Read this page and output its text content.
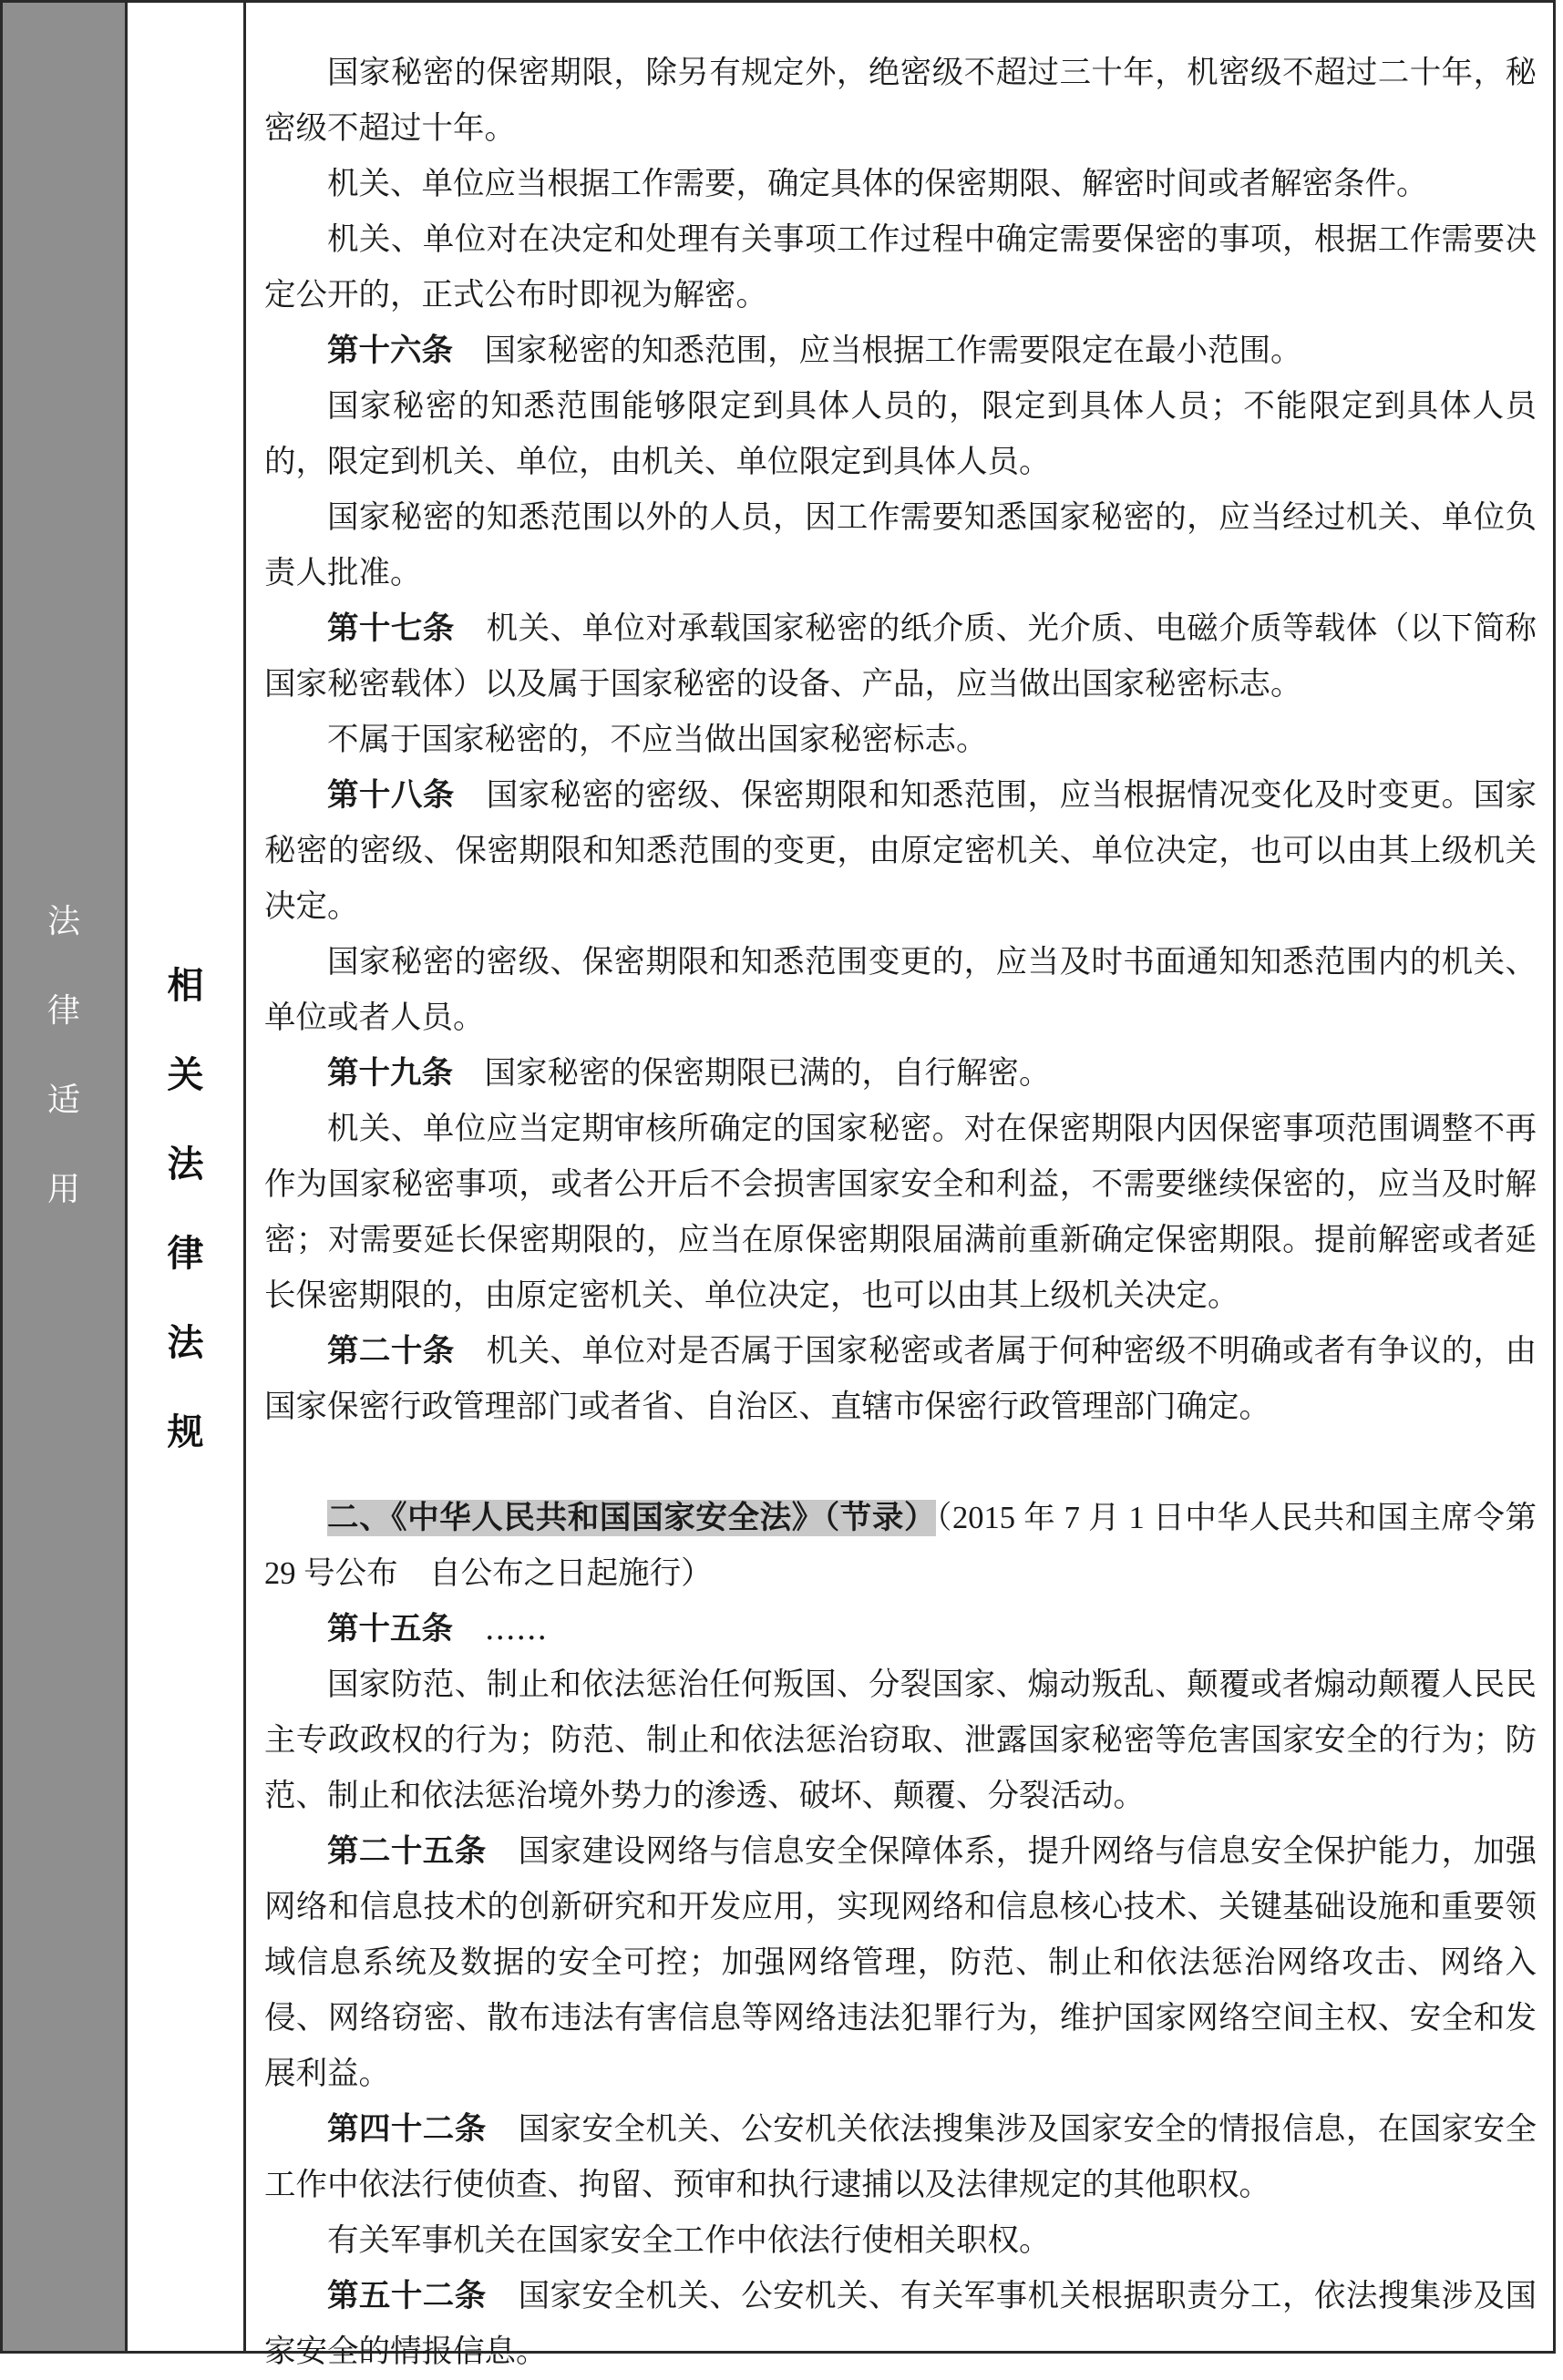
法
律
适
用
相
关
法
律
法
规

国家秘密的保密期限，除另有规定外，绝密级不超过三十年，机密级不超过二十年，秘密级不超过十年。

机关、单位应当根据工作需要，确定具体的保密期限、解密时间或者解密条件。

机关、单位对在决定和处理有关事项工作过程中确定需要保密的事项，根据工作需要决定公开的，正式公布时即视为解密。

第十六条　国家秘密的知悉范围，应当根据工作需要限定在最小范围。

国家秘密的知悉范围能够限定到具体人员的，限定到具体人员；不能限定到具体人员的，限定到机关、单位，由机关、单位限定到具体人员。

国家秘密的知悉范围以外的人员，因工作需要知悉国家秘密的，应当经过机关、单位负责人批准。

第十七条　机关、单位对承载国家秘密的纸介质、光介质、电磁介质等载体（以下简称国家秘密载体）以及属于国家秘密的设备、产品，应当做出国家秘密标志。

不属于国家秘密的，不应当做出国家秘密标志。

第十八条　国家秘密的密级、保密期限和知悉范围，应当根据情况变化及时变更。国家秘密的密级、保密期限和知悉范围的变更，由原定密机关、单位决定，也可以由其上级机关决定。

国家秘密的密级、保密期限和知悉范围变更的，应当及时书面通知知悉范围内的机关、单位或者人员。

第十九条　国家秘密的保密期限已满的，自行解密。

机关、单位应当定期审核所确定的国家秘密。对在保密期限内因保密事项范围调整不再作为国家秘密事项，或者公开后不会损害国家安全和利益，不需要继续保密的，应当及时解密；对需要延长保密期限的，应当在原保密期限届满前重新确定保密期限。提前解密或者延长保密期限的，由原定密机关、单位决定，也可以由其上级机关决定。

第二十条　机关、单位对是否属于国家秘密或者属于何种密级不明确或者有争议的，由国家保密行政管理部门或者省、自治区、直辖市保密行政管理部门确定。

二、《中华人民共和国国家安全法》（节录）（2015 年 7 月 1 日中华人民共和国主席令第 29 号公布　自公布之日起施行）

第十五条　……

国家防范、制止和依法惩治任何叛国、分裂国家、煽动叛乱、颠覆或者煽动颠覆人民民主专政政权的行为；防范、制止和依法惩治窃取、泄露国家秘密等危害国家安全的行为；防范、制止和依法惩治境外势力的渗透、破坏、颠覆、分裂活动。

第二十五条　国家建设网络与信息安全保障体系，提升网络与信息安全保护能力，加强网络和信息技术的创新研究和开发应用，实现网络和信息核心技术、关键基础设施和重要领域信息系统及数据的安全可控；加强网络管理，防范、制止和依法惩治网络攻击、网络入侵、网络窃密、散布违法有害信息等网络违法犯罪行为，维护国家网络空间主权、安全和发展利益。

第四十二条　国家安全机关、公安机关依法搜集涉及国家安全的情报信息，在国家安全工作中依法行使侦查、拘留、预审和执行逮捕以及法律规定的其他职权。

有关军事机关在国家安全工作中依法行使相关职权。

第五十二条　国家安全机关、公安机关、有关军事机关根据职责分工，依法搜集涉及国家安全的情报信息。
